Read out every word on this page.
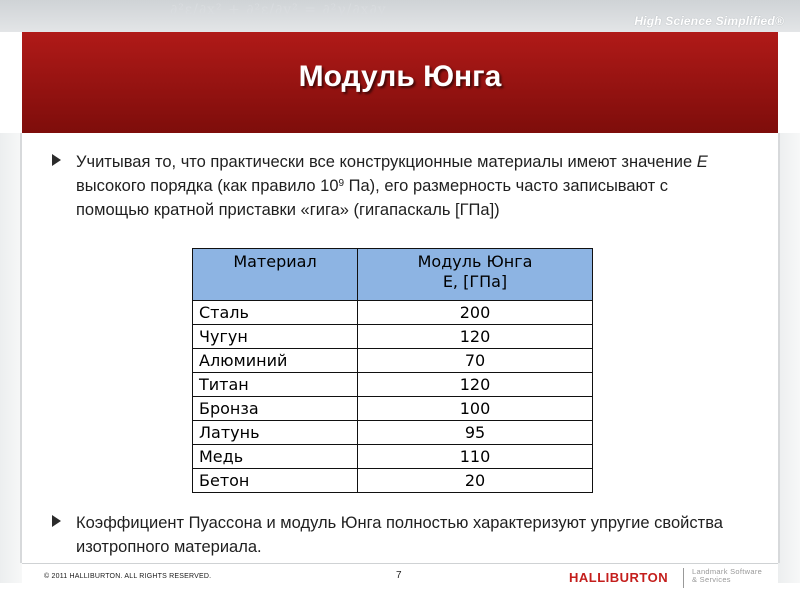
∂²ε/∂x² + ∂²ε/∂y² = ∂²γ/∂x∂y
High Science Simplified®
Модуль Юнга
Учитывая то, что практически все конструкционные материалы имеют значение E высокого порядка (как правило $10^9$ Па), его размерность часто записывают с помощью кратной приставки «гига» (гигапаскаль [ГПа])
Материал	Модуль Юнга
E, [ГПа]

Сталь	200
Чугун	120
Алюминий	70
Титан	120
Бронза	100
Латунь	95
Медь	110
Бетон	20
Коэффициент Пуассона и модуль Юнга полностью характеризуют упругие свойства изотропного материала.
© 2011 HALLIBURTON. ALL RIGHTS RESERVED.	7	HALLIBURTON	Landmark Software
& Services
